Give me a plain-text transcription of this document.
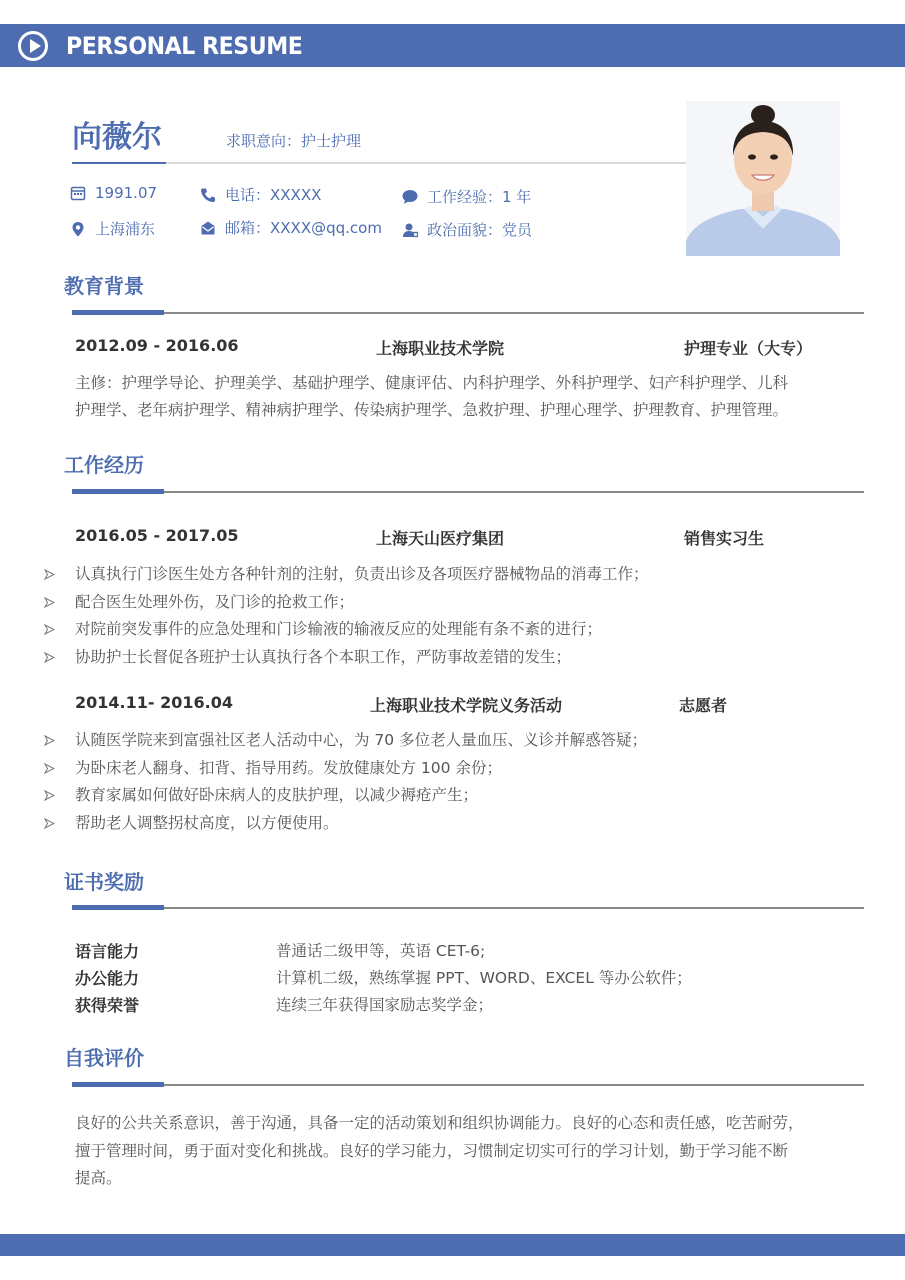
PERSONAL RESUME
向薇尔	求职意向：护士护理
1991.07	电话：XXXXX	工作经验：1 年
上海浦东	邮箱：XXXX@qq.com	政治面貌：党员
教育背景
2012.09 - 2016.06	上海职业技术学院	护理专业（大专）
主修：护理学导论、护理美学、基础护理学、健康评估、内科护理学、外科护理学、妇产科护理学、儿科
护理学、老年病护理学、精神病护理学、传染病护理学、急救护理、护理心理学、护理教育、护理管理。
工作经历
2016.05 - 2017.05	上海天山医疗集团	销售实习生
认真执行门诊医生处方各种针剂的注射，负责出诊及各项医疗器械物品的消毒工作；
配合医生处理外伤，及门诊的抢救工作；
对院前突发事件的应急处理和门诊输液的输液反应的处理能有条不紊的进行；
协助护士长督促各班护士认真执行各个本职工作，严防事故差错的发生；
2014.11- 2016.04	上海职业技术学院义务活动	志愿者
认随医学院来到富强社区老人活动中心，为 70 多位老人量血压、义诊并解惑答疑；
为卧床老人翻身、扣背、指导用药。发放健康处方 100 余份；
教育家属如何做好卧床病人的皮肤护理，以减少褥疮产生；
帮助老人调整拐杖高度，以方便使用。
证书奖励
语言能力	普通话二级甲等，英语 CET-6;
办公能力	计算机二级，熟练掌握 PPT、WORD、EXCEL 等办公软件；
获得荣誉	连续三年获得国家励志奖学金；
自我评价
良好的公共关系意识，善于沟通，具备一定的活动策划和组织协调能力。良好的心态和责任感，吃苦耐劳，
擅于管理时间，勇于面对变化和挑战。良好的学习能力，习惯制定切实可行的学习计划，勤于学习能不断
提高。
